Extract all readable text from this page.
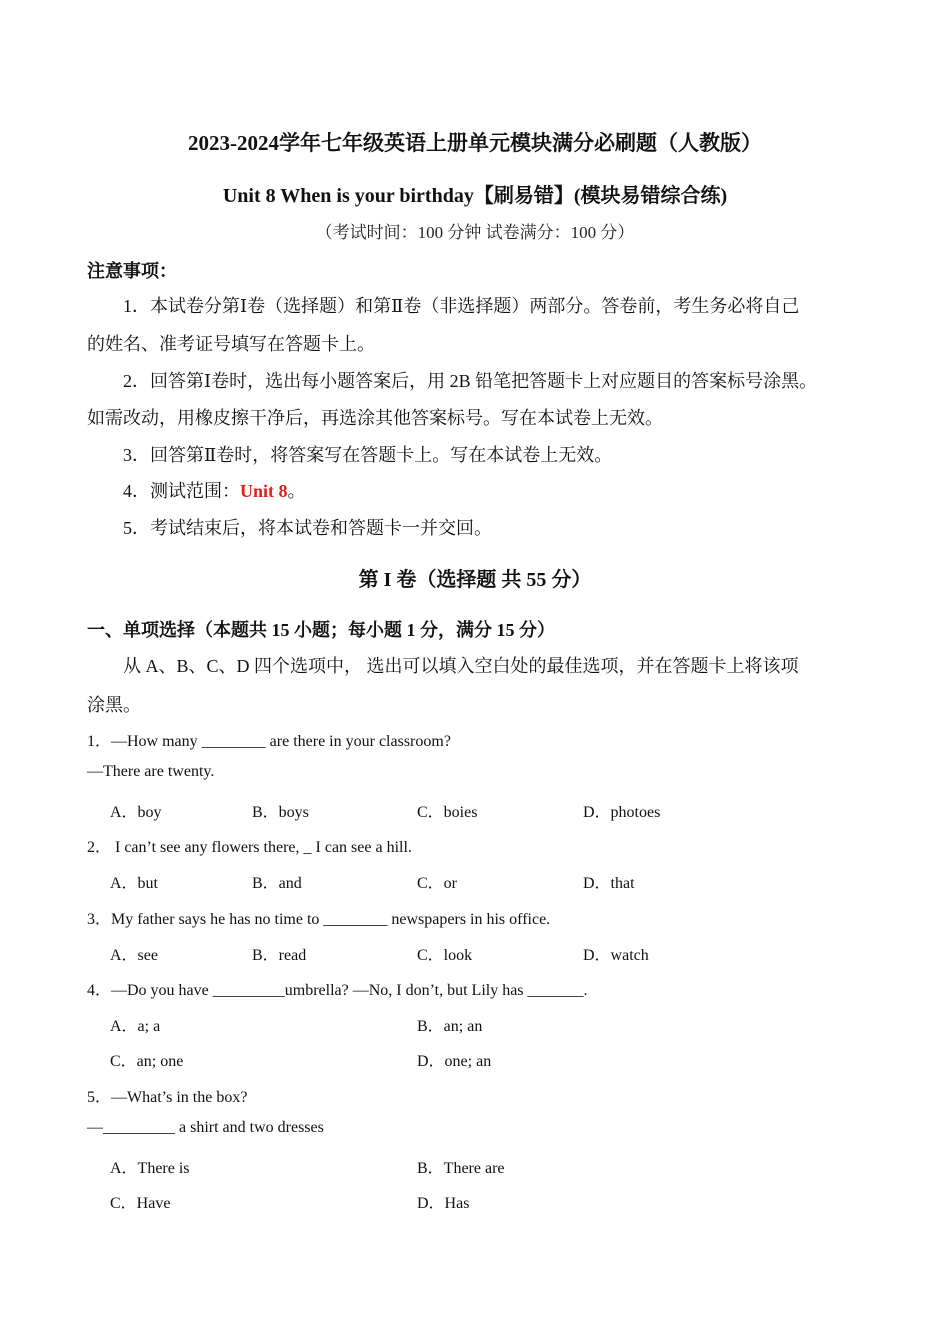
2023-2024学年七年级英语上册单元模块满分必刷题（人教版）
Unit 8 When is your birthday【刷易错】(模块易错综合练)
（考试时间：100 分钟 试卷满分：100 分）
注意事项：
1．本试卷分第Ⅰ卷（选择题）和第Ⅱ卷（非选择题）两部分。答卷前，考生务必将自己
的姓名、准考证号填写在答题卡上。
2．回答第Ⅰ卷时，选出每小题答案后，用 2B 铅笔把答题卡上对应题目的答案标号涂黑。
如需改动，用橡皮擦干净后，再选涂其他答案标号。写在本试卷上无效。
3．回答第Ⅱ卷时，将答案写在答题卡上。写在本试卷上无效。
4．测试范围：Unit 8。
5．考试结束后，将本试卷和答题卡一并交回。
第 I 卷（选择题 共 55 分）
一、单项选择（本题共 15 小题；每小题 1 分，满分 15 分）
从 A、B、C、D 四个选项中， 选出可以填入空白处的最佳选项，并在答题卡上将该项
涂黑。
1．—How many ________ are there in your classroom?
—There are twenty.
A．boy	B．boys	C．boies	D．photoes
2． I can’t see any flowers there, _ I can see a hill.
A．but	B．and	C．or	D．that
3．My father says he has no time to ________ newspapers in his office.
A．see	B．read	C．look	D．watch
4．—Do you have _________umbrella? —No, I don’t, but Lily has _______.
A．a; a	B．an; an
C．an; one	D．one; an
5．—What’s in the box?
—_________ a shirt and two dresses
A．There is	B．There are
C．Have	D．Has
